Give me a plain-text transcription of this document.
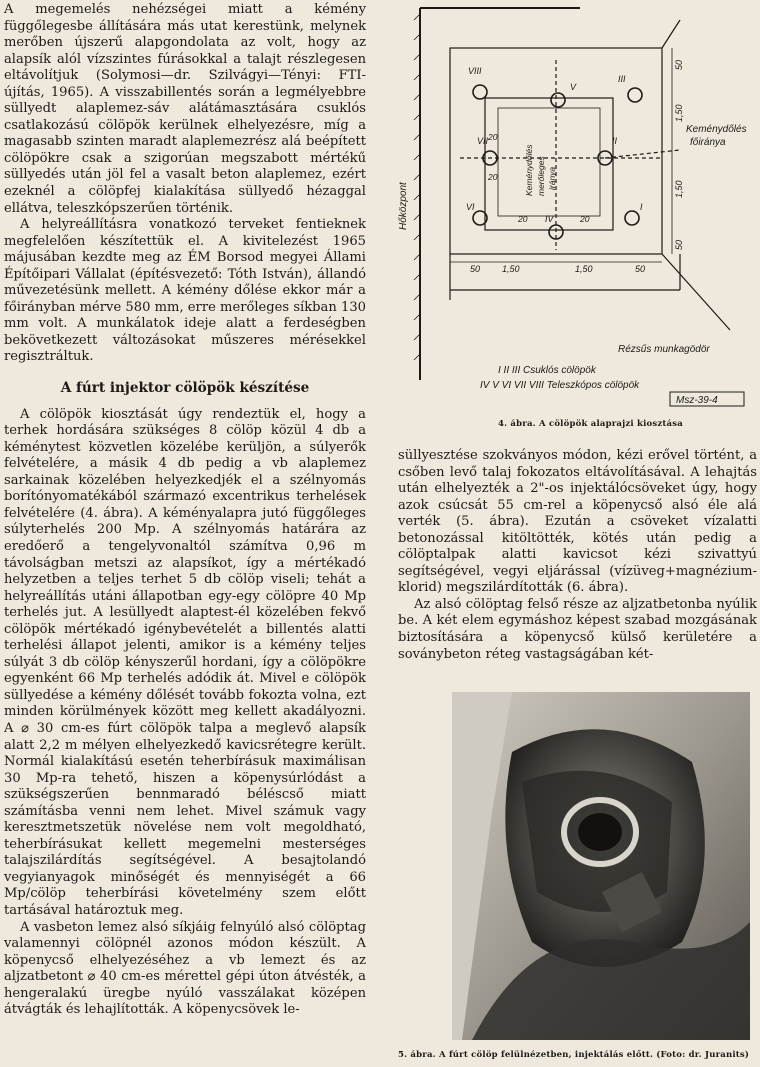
A megemelés nehézségei miatt a kémény függőlegesbe állítására más utat kerestünk, melynek merőben újszerű alapgondolata az volt, hogy az alapsík alól vízszintes fúrásokkal a talajt részlegesen eltávolítjuk (Solymosi—dr. Szilvágyi—Tényi: FTI-újítás, 1965). A visszabillentés során a legmélyebbre süllyedt alaplemez-sáv alátámasztására csuklós csatlakozású cölöpök kerülnek elhelyezésre, míg a magasabb szinten maradt alaplemezrész alá beépített cölöpökre csak a szigorúan megszabott mértékű süllyedés után jöl fel a vasalt beton alaplemez, ezért ezeknél a cölöpfej kialakítása süllyedő hézaggal ellátva, teleszkópszerűen történik.

A helyreállításra vonatkozó terveket fentieknek megfelelően készítettük el. A kivitelezést 1965 májusában kezdte meg az ÉM Borsod megyei Állami Építőipari Vállalat (építésvezető: Tóth István), állandó művezetésünk mellett. A kémény dőlése ekkor már a főirányban mérve 580 mm, erre merőleges síkban 130 mm volt. A munkálatok ideje alatt a ferdeségben bekövetkezett változásokat műszeres mérésekkel regisztráltuk.

A fúrt injektor cölöpök készítése

A cölöpök kiosztását úgy rendeztük el, hogy a terhek hordására szükséges 8 cölöp közül 4 db a kéménytest közvetlen közelébe kerüljön, a súlyerők felvételére, a másik 4 db pedig a vb alaplemez sarkainak közelében helyezkedjék el a szélnyomás borítónyomatékából származó excentrikus terhelések felvételére (4. ábra). A kéményalapra jutó függőleges súlyterhelés 200 Mp. A szélnyomás határára az eredőerő a tengelyvonaltól számítva 0,96 m távolságban metszi az alapsíkot, így a mértékadó helyzetben a teljes terhet 5 db cölöp viseli; tehát a helyreállítás utáni állapotban egy-egy cölöpre 40 Mp terhelés jut. A lesüllyedt alaptest-él közelében fekvő cölöpök mértékadó igénybevételét a billentés alatti terhelési állapot jelenti, amikor is a kémény teljes súlyát 3 db cölöp kényszerűl hordani, így a cölöpökre egyenként 66 Mp terhelés adódik át. Mivel e cölöpök süllyedése a kémény dőlését tovább fokozta volna, ezt minden körülmények között meg kellett akadályozni. A ⌀ 30 cm-es fúrt cölöpök talpa a meglevő alapsík alatt 2,2 m mélyen elhelyezkedő kavicsrétegre került. Normál kialakítású esetén teherbírásuk maximálisan 30 Mp-ra tehető, hiszen a köpenysúrlódást a szükségszerűen bennmaradó béléscső miatt számításba venni nem lehet. Mivel számuk vagy keresztmetszetük növelése nem volt megoldható, teherbírásukat kellett megemelni mesterséges talajszilárdítás segítségével. A besajtolandó vegyianyagok minőségét és mennyiségét a 66 Mp/cölöp teherbírási követelmény szem előtt tartásával határoztuk meg.

A vasbeton lemez alsó síkjáig felnyúló alsó cölöptag valamennyi cölöpnél azonos módon készült. A köpenycső elhelyezéséhez a vb lemezt és az aljzatbetont ⌀ 40 cm-es mérettel gépi úton átvésték, a hengeralakú üregbe nyúló vasszálakat középen átvágták és lehajlították. A köpenycsövek le-

VIII
V
III
VII	II
VI
IV
I
Keménydőlés
főiránya
Keménydőlés merőleges iránya
Hőközpont
50 1,50	1,50	50
50
1,50
1,50
50
20	20
20
20
Rézsűs munkagödör
I II III Csuklós cölöpök
IV V VI VII VIII Teleszkópos cölöpök
Msz-39-4
4. ábra. A cölöpök alaprajzi kiosztása

süllyesztése szokványos módon, kézi erővel történt, a csőben levő talaj fokozatos eltávolításával. A lehajtás után elhelyezték a 2"-os injektálócsöveket úgy, hogy azok csúcsát 55 cm-rel a köpenycső alsó éle alá verték (5. ábra). Ezután a csöveket vízalatti betonozással kitöltötték, kötés után pedig a cölöptalpak alatti kavicsot kézi szivattyú segítségével, vegyi eljárással (vízüveg+magnéziumklorid) megszilárdították (6. ábra).

Az alsó cölöptag felső része az aljzatbetonba nyúlik be. A két elem egymáshoz képest szabad mozgásának biztosítására a köpenycső külső kerületére a soványbeton réteg vastagságában két-

5. ábra. A fúrt cölöp felülnézetben, injektálás előtt. (Foto: dr. Juranits)
